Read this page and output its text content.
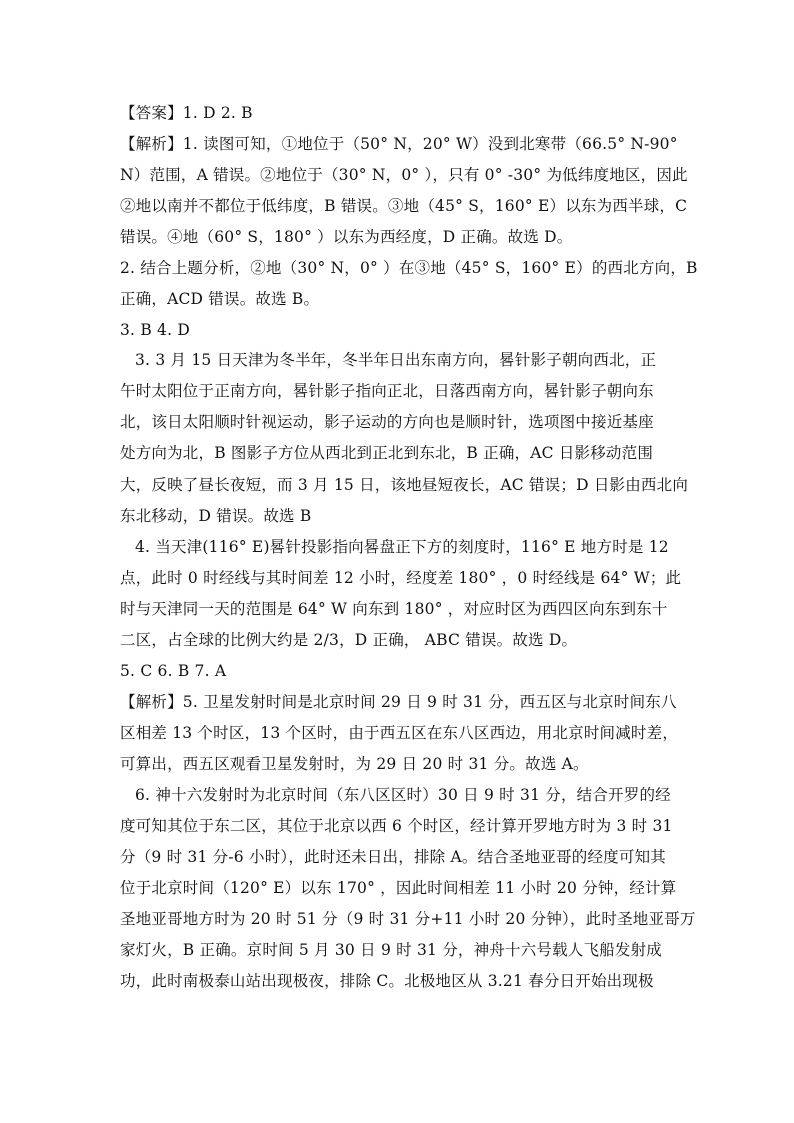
【答案】1. D 2. B
【解析】1. 读图可知，①地位于（50° N，20° W）没到北寒带（66.5° N-90°
N）范围，A 错误。②地位于（30° N，0° ），只有 0° -30° 为低纬度地区，因此
②地以南并不都位于低纬度，B 错误。③地（45° S，160° E）以东为西半球，C
错误。④地（60° S，180° ）以东为西经度，D 正确。故选 D。
2. 结合上题分析，②地（30° N，0° ）在③地（45° S，160° E）的西北方向，B
正确，ACD 错误。故选 B。
3. B 4. D
3. 3 月 15 日天津为冬半年，冬半年日出东南方向，晷针影子朝向西北，正
午时太阳位于正南方向，晷针影子指向正北，日落西南方向，晷针影子朝向东
北，该日太阳顺时针视运动，影子运动的方向也是顺时针，选项图中接近基座
处方向为北，B 图影子方位从西北到正北到东北，B 正确，AC 日影移动范围
大，反映了昼长夜短，而 3 月 15 日，该地昼短夜长，AC 错误；D 日影由西北向
东北移动，D 错误。故选 B
4. 当天津(116° E)晷针投影指向晷盘正下方的刻度时，116° E 地方时是 12
点，此时 0 时经线与其时间差 12 小时，经度差 180° ，0 时经线是 64° W；此
时与天津同一天的范围是 64° W 向东到 180° ，对应时区为西四区向东到东十
二区，占全球的比例大约是 2/3，D 正确， ABC 错误。故选 D。
5. C 6. B 7. A
【解析】5. 卫星发射时间是北京时间 29 日 9 时 31 分，西五区与北京时间东八
区相差 13 个时区，13 个区时，由于西五区在东八区西边，用北京时间减时差，
可算出，西五区观看卫星发射时，为 29 日 20 时 31 分。故选 A。
6. 神十六发射时为北京时间（东八区区时）30 日 9 时 31 分，结合开罗的经
度可知其位于东二区，其位于北京以西 6 个时区，经计算开罗地方时为 3 时 31
分（9 时 31 分-6 小时），此时还未日出，排除 A。结合圣地亚哥的经度可知其
位于北京时间（120° E）以东 170° ，因此时间相差 11 小时 20 分钟，经计算
圣地亚哥地方时为 20 时 51 分（9 时 31 分+11 小时 20 分钟），此时圣地亚哥万
家灯火，B 正确。京时间 5 月 30 日 9 时 31 分，神舟十六号载人飞船发射成
功，此时南极泰山站出现极夜，排除 C。北极地区从 3.21 春分日开始出现极
